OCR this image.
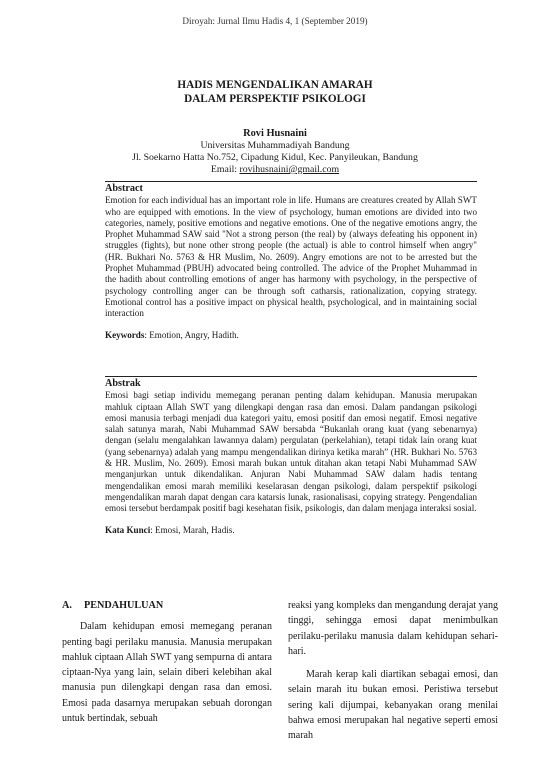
Diroyah: Jurnal Ilmu Hadis 4, 1 (September 2019)
HADIS MENGENDALIKAN AMARAH
DALAM PERSPEKTIF PSIKOLOGI
Rovi Husnaini
Universitas Muhammadiyah Bandung
Jl. Soekarno Hatta No.752, Cipadung Kidul, Kec. Panyileukan, Bandung
Email: rovihusnaini@gmail.com
Abstract

Emotion for each individual has an important role in life. Humans are creatures created by Allah SWT who are equipped with emotions. In the view of psychology, human emotions are divided into two categories, namely, positive emotions and negative emotions. One of the negative emotions angry, the Prophet Muhammad SAW said "Not a strong person (the real) by (always defeating his opponent in) struggles (fights), but none other strong people (the actual) is able to control himself when angry" (HR. Bukhari No. 5763 & HR Muslim, No. 2609). Angry emotions are not to be arrested but the Prophet Muhammad (PBUH) advocated being controlled. The advice of the Prophet Muhammad in the hadith about controlling emotions of anger has harmony with psychology, in the perspective of psychology controlling anger can be through soft catharsis, rationalization, copying strategy. Emotional control has a positive impact on physical health, psychological, and in maintaining social interaction

Keywords: Emotion, Angry, Hadith.
Abstrak

Emosi bagi setiap individu memegang peranan penting dalam kehidupan. Manusia merupakan mahluk ciptaan Allah SWT yang dilengkapi dengan rasa dan emosi. Dalam pandangan psikologi emosi manusia terbagi menjadi dua kategori yaitu, emosi positif dan emosi negatif. Emosi negative salah satunya marah, Nabi Muhammad SAW bersabda “Bukanlah orang kuat (yang sebenarnya) dengan (selalu mengalahkan lawannya dalam) pergulatan (perkelahian), tetapi tidak lain orang kuat (yang sebenarnya) adalah yang mampu mengendalikan dirinya ketika marah” (HR. Bukhari No. 5763 & HR. Muslim, No. 2609). Emosi marah bukan untuk ditahan akan tetapi Nabi Muhammad SAW menganjurkan untuk dikendalikan. Anjuran Nabi Muhammad SAW dalam hadis tentang mengendalikan emosi marah memiliki keselarasan dengan psikologi, dalam perspektif psikologi mengendalikan marah dapat dengan cara katarsis lunak, rasionalisasi, copying strategy. Pengendalian emosi tersebut berdampak positif bagi kesehatan fisik, psikologis, dan dalam menjaga interaksi sosial.

Kata Kunci: Emosi, Marah, Hadis.
A. PENDAHULUAN

Dalam kehidupan emosi memegang peranan penting bagi perilaku manusia. Manusia merupakan mahluk ciptaan Allah SWT yang sempurna di antara ciptaan-Nya yang lain, selain diberi kelebihan akal manusia pun dilengkapi dengan rasa dan emosi. Emosi pada dasarnya merupakan sebuah dorongan untuk bertindak, sebuah

reaksi yang kompleks dan mengandung derajat yang tinggi, sehingga emosi dapat menimbulkan perilaku-perilaku manusia dalam kehidupan sehari-hari.

Marah kerap kali diartikan sebagai emosi, dan selain marah itu bukan emosi. Peristiwa tersebut sering kali dijumpai, kebanyakan orang menilai bahwa emosi merupakan hal negative seperti emosi marah
